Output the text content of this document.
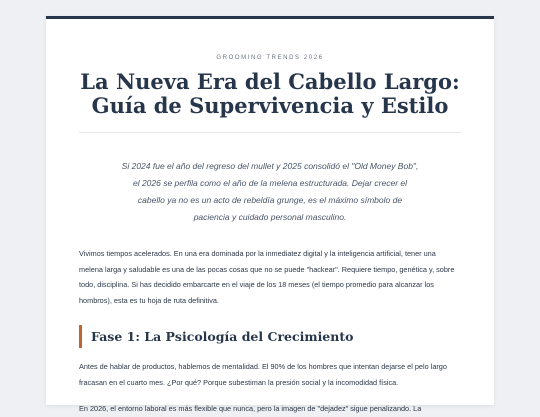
GROOMING TRENDS 2026
La Nueva Era del Cabello Largo:
Guía de Supervivencia y Estilo

Si 2024 fue el año del regreso del mullet y 2025 consolidó el "Old Money Bob", el 2026 se perfila como el año de la melena estructurada. Dejar crecer el cabello ya no es un acto de rebeldía grunge, es el máximo símbolo de paciencia y cuidado personal masculino.

Vivimos tiempos acelerados. En una era dominada por la inmediatez digital y la inteligencia artificial, tener una melena larga y saludable es una de las pocas cosas que no se puede "hackear". Requiere tiempo, genética y, sobre todo, disciplina. Si has decidido embarcarte en el viaje de los 18 meses (el tiempo promedio para alcanzar los hombros), esta es tu hoja de ruta definitiva.

Fase 1: La Psicología del Crecimiento

Antes de hablar de productos, hablemos de mentalidad. El 90% de los hombres que intentan dejarse el pelo largo fracasan en el cuarto mes. ¿Por qué? Porque subestiman la presión social y la incomodidad física.

En 2026, el entorno laboral es más flexible que nunca, pero la imagen de "dejadez" sigue penalizando. La
